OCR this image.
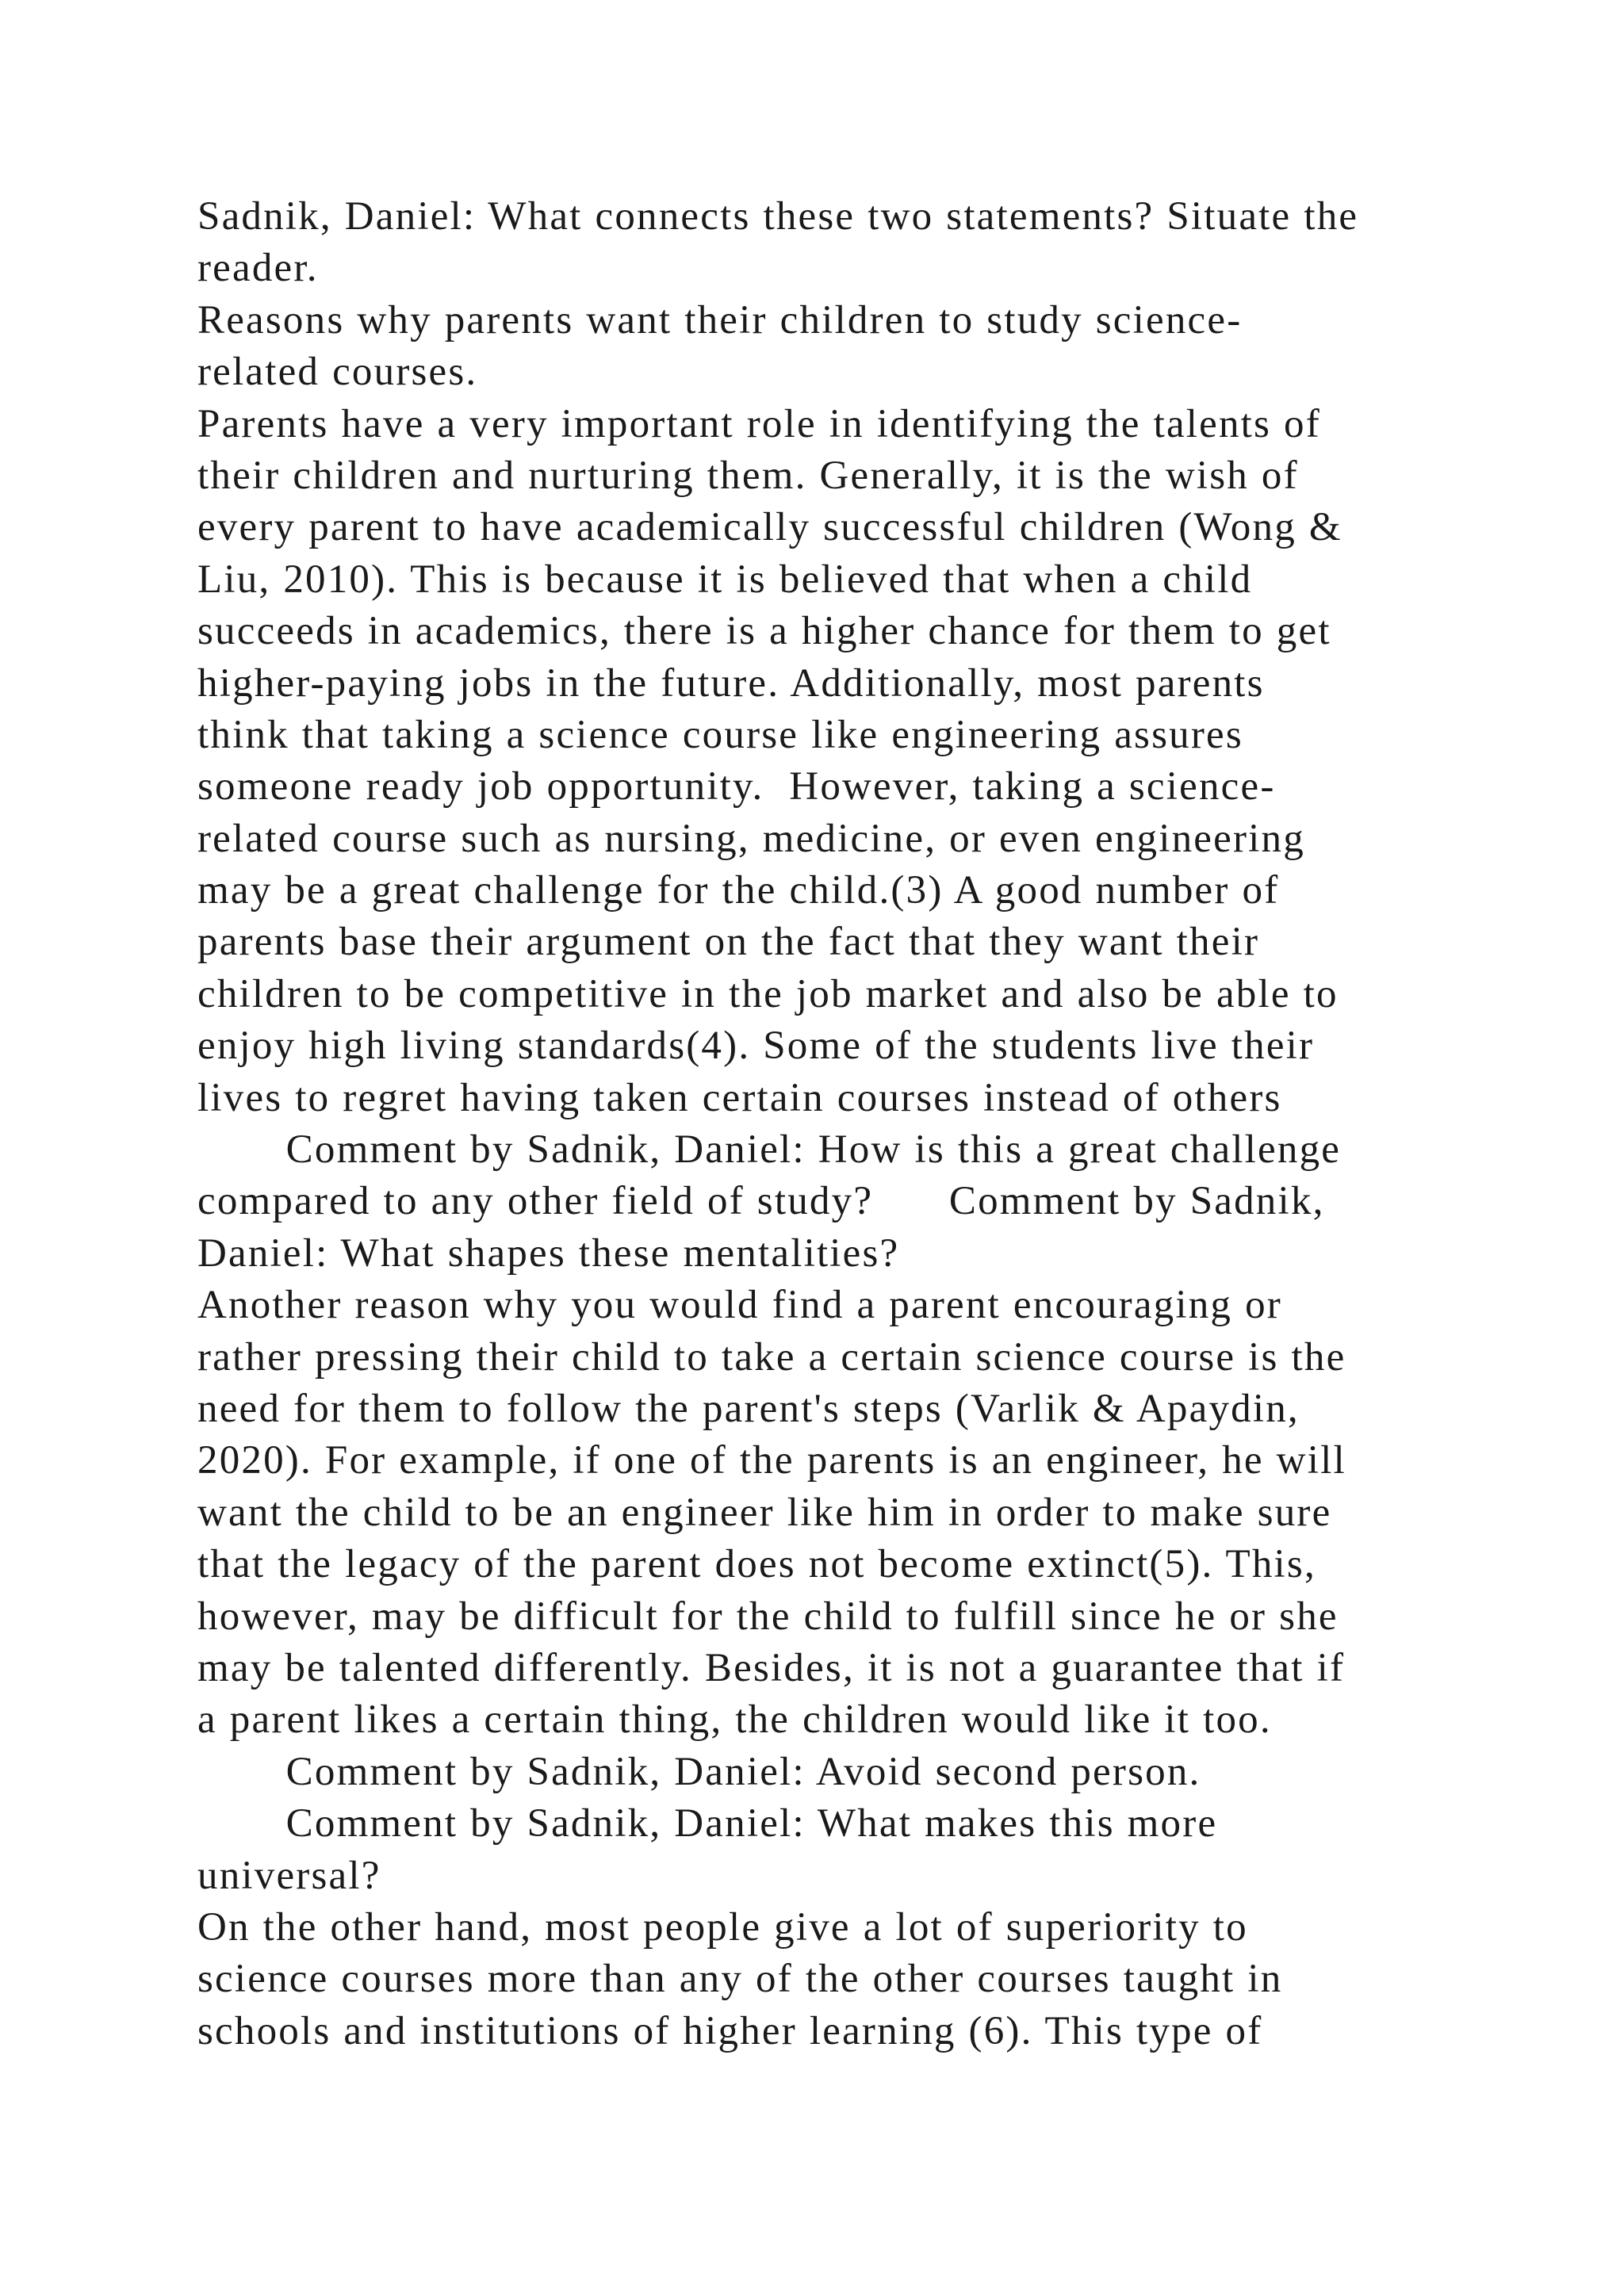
Sadnik, Daniel: What connects these two statements? Situate the
reader.
Reasons why parents want their children to study science-
related courses.
Parents have a very important role in identifying the talents of
their children and nurturing them. Generally, it is the wish of
every parent to have academically successful children (Wong &
Liu, 2010). This is because it is believed that when a child
succeeds in academics, there is a higher chance for them to get
higher-paying jobs in the future. Additionally, most parents
think that taking a science course like engineering assures
someone ready job opportunity.  However, taking a science-
related course such as nursing, medicine, or even engineering
may be a great challenge for the child.(3) A good number of
parents base their argument on the fact that they want their
children to be competitive in the job market and also be able to
enjoy high living standards(4). Some of the students live their
lives to regret having taken certain courses instead of others
Comment by Sadnik, Daniel: How is this a great challenge
compared to any other field of study?      Comment by Sadnik,
Daniel: What shapes these mentalities?
Another reason why you would find a parent encouraging or
rather pressing their child to take a certain science course is the
need for them to follow the parent's steps (Varlik & Apaydin,
2020). For example, if one of the parents is an engineer, he will
want the child to be an engineer like him in order to make sure
that the legacy of the parent does not become extinct(5). This,
however, may be difficult for the child to fulfill since he or she
may be talented differently. Besides, it is not a guarantee that if
a parent likes a certain thing, the children would like it too.
Comment by Sadnik, Daniel: Avoid second person.
Comment by Sadnik, Daniel: What makes this more
universal?
On the other hand, most people give a lot of superiority to
science courses more than any of the other courses taught in
schools and institutions of higher learning (6). This type of
